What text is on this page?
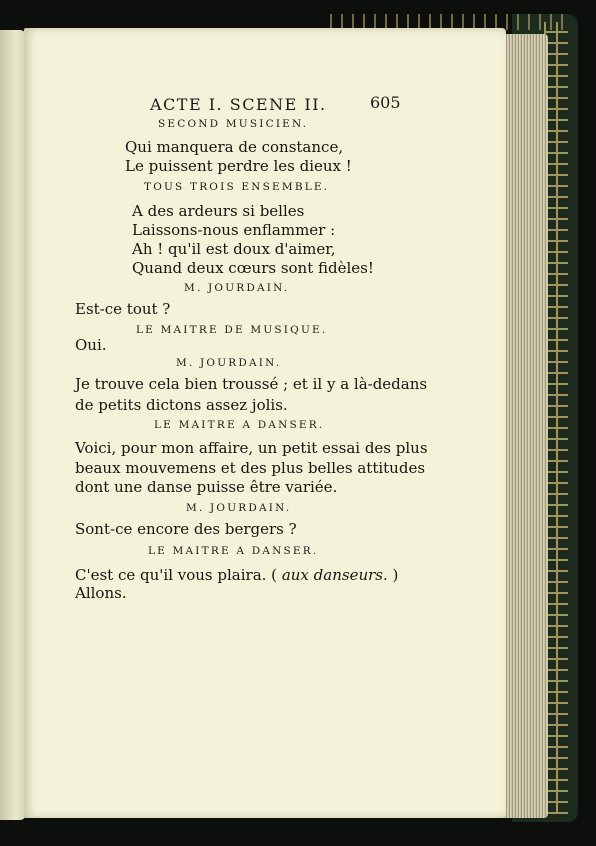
ACTE I. SCENE II.	605
SECOND MUSICIEN.
Qui manquera de constance,
Le puissent perdre les dieux !
TOUS TROIS ENSEMBLE.
A des ardeurs si belles
Laissons-nous enflammer :
Ah ! qu'il est doux d'aimer,
Quand deux cœurs sont fidèles!
M. JOURDAIN.
Est-ce tout ?
LE MAITRE DE MUSIQUE.
Oui.
M. JOURDAIN.
Je trouve cela bien troussé ; et il y a là-dedans
de petits dictons assez jolis.
LE MAITRE A DANSER.
Voici, pour mon affaire, un petit essai des plus
beaux mouvemens et des plus belles attitudes
dont une danse puisse être variée.
M. JOURDAIN.
Sont-ce encore des bergers ?
LE MAITRE A DANSER.
C'est ce qu'il vous plaira. ( aux danseurs. )
Allons.
